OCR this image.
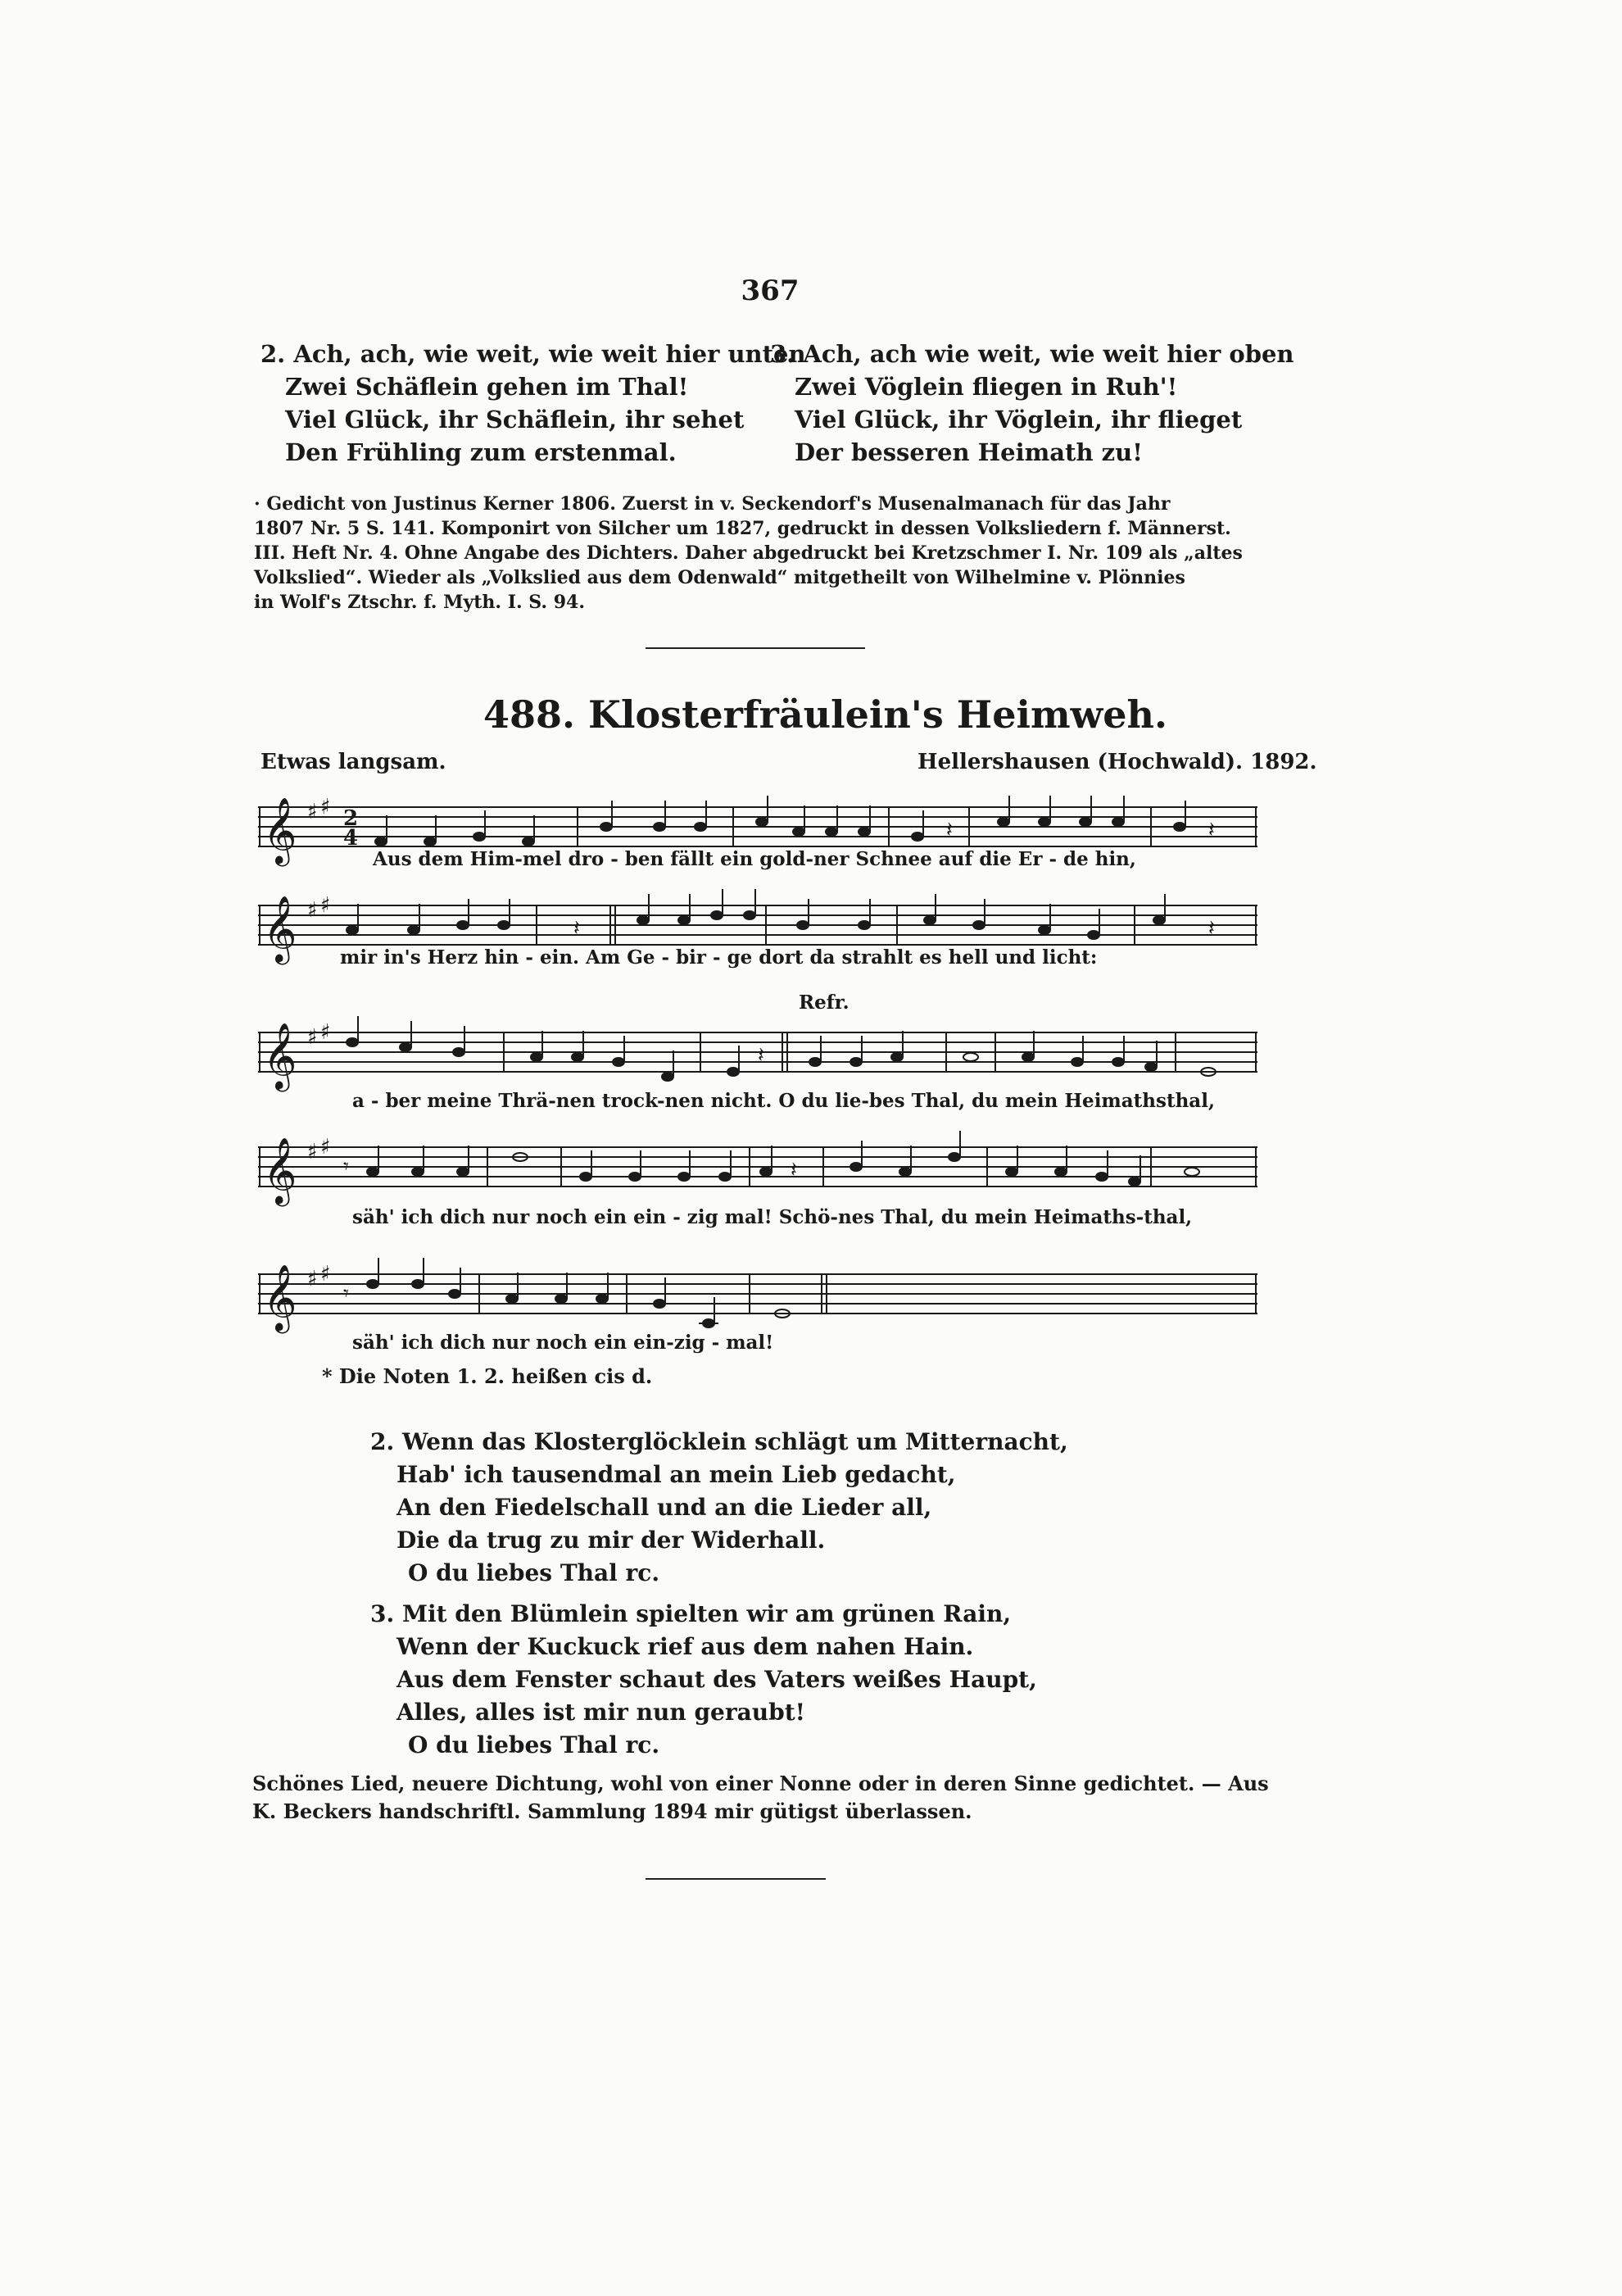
367
2. Ach, ach, wie weit, wie weit hier unten
Zwei Schäflein gehen im Thal!
Viel Glück, ihr Schäflein, ihr sehet
Den Frühling zum erstenmal.
3. Ach, ach wie weit, wie weit hier oben
Zwei Vöglein fliegen in Ruh'!
Viel Glück, ihr Vöglein, ihr flieget
Der besseren Heimath zu!
· Gedicht von Justinus Kerner 1806. Zuerst in v. Seckendorf's Musenalmanach für das Jahr
1807 Nr. 5 S. 141. Komponirt von Silcher um 1827, gedruckt in dessen Volksliedern f. Männerst.
III. Heft Nr. 4. Ohne Angabe des Dichters. Daher abgedruckt bei Kretzschmer I. Nr. 109 als „altes
Volkslied“. Wieder als „Volkslied aus dem Odenwald“ mitgetheilt von Wilhelmine v. Plönnies
in Wolf's Ztschr. f. Myth. I. S. 94.
488. Klosterfräulein's Heimweh.
Etwas langsam.	Hellershausen (Hochwald). 1892.
𝄞 ♯ ♯ 2
4	𝄽	𝄽
Aus dem Him-mel dro - ben fällt ein gold-ner Schnee auf die Er - de hin,
𝄞 ♯ ♯
𝄽	𝄽
mir in's Herz hin - ein. Am Ge - bir - ge dort da strahlt es hell und licht:
Refr.
𝄞 ♯ ♯
𝄽
a - ber meine Thrä-nen trock-nen nicht. O du lie-bes Thal, du mein Heimathsthal,
𝄞 ♯ ♯
𝄾	𝄽
säh' ich dich nur noch ein ein - zig mal! Schö-nes Thal, du mein Heimaths-thal,
𝄞 ♯ ♯
𝄾
säh' ich dich nur noch ein ein-zig - mal!
* Die Noten 1. 2. heißen cis d.
2. Wenn das Klosterglöcklein schlägt um Mitternacht,
Hab' ich tausendmal an mein Lieb gedacht,
An den Fiedelschall und an die Lieder all,
Die da trug zu mir der Widerhall.
O du liebes Thal rc.
3. Mit den Blümlein spielten wir am grünen Rain,
Wenn der Kuckuck rief aus dem nahen Hain.
Aus dem Fenster schaut des Vaters weißes Haupt,
Alles, alles ist mir nun geraubt!
O du liebes Thal rc.
Schönes Lied, neuere Dichtung, wohl von einer Nonne oder in deren Sinne gedichtet. — Aus
K. Beckers handschriftl. Sammlung 1894 mir gütigst überlassen.
